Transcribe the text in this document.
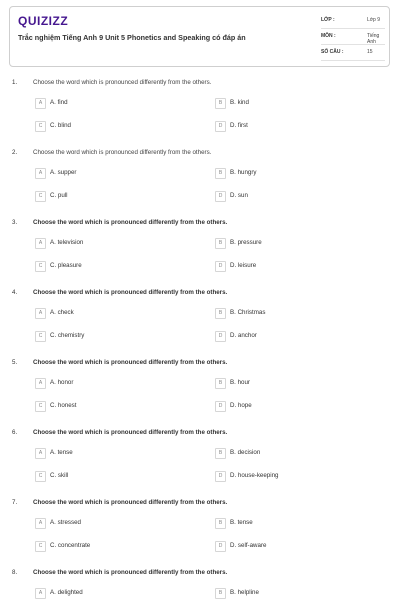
QUIZIZZ
Trắc nghiệm Tiếng Anh 9 Unit 5 Phonetics and Speaking có đáp án
LỚP :	Lớp 9
MÔN :	Tiếng Anh
SỐ CÂU :	15
1.	Choose the word which is pronounced differently from the others.
A	A. find	B	B. kind
C	C. blind	D	D. first
2.	Choose the word which is pronounced differently from the others.
A	A. supper	B	B. hungry
C	C. pull	D	D. sun
3.	Choose the word which is pronounced differently from the others.
A	A. television	B	B. pressure
C	C. pleasure	D	D. leisure
4.	Choose the word which is pronounced differently from the others.
A	A. check	B	B. Christmas
C	C. chemistry	D	D. anchor
5.	Choose the word which is pronounced differently from the others.
A	A. honor	B	B. hour
C	C. honest	D	D. hope
6.	Choose the word which is pronounced differently from the others.
A	A. tense	B	B. decision
C	C. skill	D	D. house-keeping
7.	Choose the word which is pronounced differently from the others.
A	A. stressed	B	B. tense
C	C. concentrate	D	D. self-aware
8.	Choose the word which is pronounced differently from the others.
A	A. delighted	B	B. helpline
